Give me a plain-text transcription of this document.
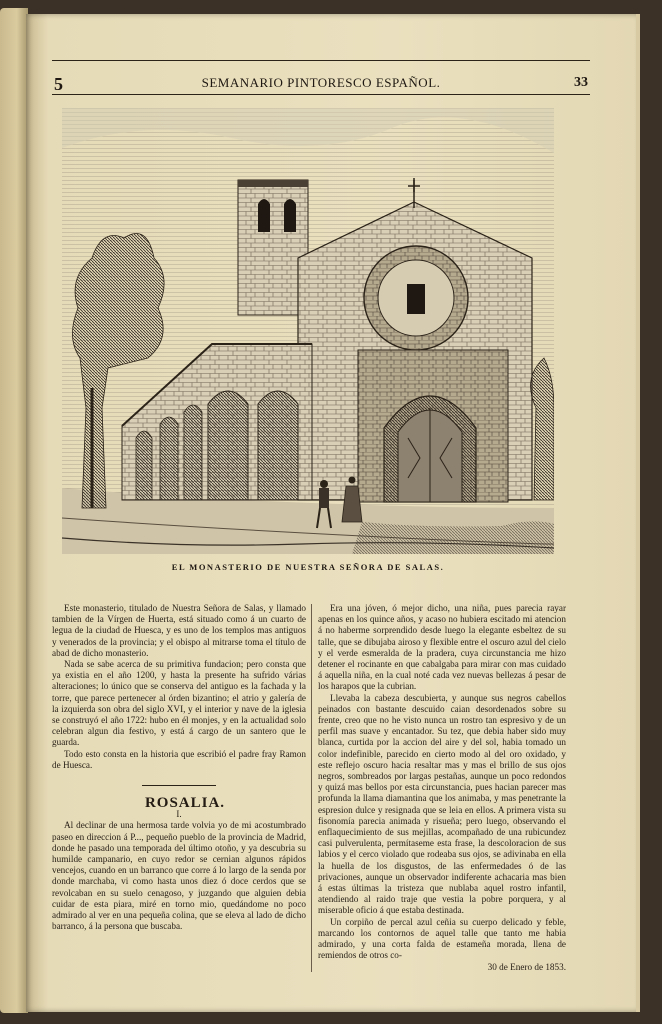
5	SEMANARIO PINTORESCO ESPAÑOL.	33
EL MONASTERIO DE NUESTRA SEÑORA DE SALAS.

Este monasterio, titulado de Nuestra Señora de Salas, y llamado tambien de la Vírgen de Huerta, está situado como á un cuarto de legua de la ciudad de Huesca, y es uno de los templos mas antiguos y venerados de la provincia; y el obispo al mitrarse toma el título de abad de dicho monasterio.

Nada se sabe acerca de su primitiva fundacion; pero consta que ya existia en el año 1200, y hasta la presente ha sufrido várias alteraciones; lo único que se conserva del antiguo es la fachada y la torre, que parece pertenecer al órden bizantino; el atrio y galería de la izquierda son obra del siglo XVI, y el interior y nave de la iglesia se construyó el año 1722: hubo en él monjes, y en la actualidad solo celebran algun dia festivo, y está á cargo de un santero que le guarda.

Todo esto consta en la historia que escribió el padre fray Ramon de Huesca.

ROSALIA.

I.

Al declinar de una hermosa tarde volvia yo de mi acostumbrado paseo en direccion á P..., pequeño pueblo de la provincia de Madrid, donde he pasado una temporada del último otoño, y ya descubria su humilde campanario, en cuyo redor se cernian algunos rápidos vencejos, cuando en un barranco que corre á lo largo de la senda por donde marchaba, vi como hasta unos diez ó doce cerdos que se revolcaban en su suelo cenagoso, y juzgando que alguien debia cuidar de esta piara, miré en torno mio, quedándome no poco admirado al ver en una pequeña colina, que se eleva al lado de dicho barranco, á la persona que buscaba.

Era una jóven, ó mejor dicho, una niña, pues parecia rayar apenas en los quince años, y acaso no hubiera escitado mi atencion á no haberme sorprendido desde luego la elegante esbeltez de su talle, que se dibujaba airoso y flexible entre el oscuro azul del cielo y el verde esmeralda de la pradera, cuya circunstancia me hizo detener el rocinante en que cabalgaba para mirar con mas cuidado á aquella niña, en la cual noté cada vez nuevas bellezas á pesar de los harapos que la cubrian.

Llevaba la cabeza descubierta, y aunque sus negros cabellos peinados con bastante descuido caian desordenados sobre su frente, creo que no he visto nunca un rostro tan espresivo y de un perfil mas suave y encantador. Su tez, que debia haber sido muy blanca, curtida por la accion del aire y del sol, habia tomado un color indefinible, parecido en cierto modo al del oro oxidado, y este reflejo oscuro hacia resaltar mas y mas el brillo de sus ojos negros, sombreados por largas pestañas, aunque un poco redondos y quizá mas bellos por esta circunstancia, pues hacian parecer mas profunda la llama diamantina que los animaba, y mas penetrante la espresion dulce y resignada que se leia en ellos. A primera vista su fisonomía parecia animada y risueña; pero luego, observando el enflaquecimiento de sus mejillas, acompañado de una rubicundez casi pulverulenta, permítaseme esta frase, la descoloracion de sus labios y el cerco violado que rodeaba sus ojos, se adivinaba en ella la huella de los disgustos, de las enfermedades ó de las privaciones, aunque un observador indiferente achacaria mas bien á estas últimas la tristeza que nublaba aquel rostro infantil, atendiendo al raido traje que vestia la pobre porquera, y al miserable oficio á que estaba destinada.

Un corpiño de percal azul ceñia su cuerpo delicado y feble, marcando los contornos de aquel talle que tanto me habia admirado, y una corta falda de estameña morada, llena de remiendos de otros co-

30 de Enero de 1853.
